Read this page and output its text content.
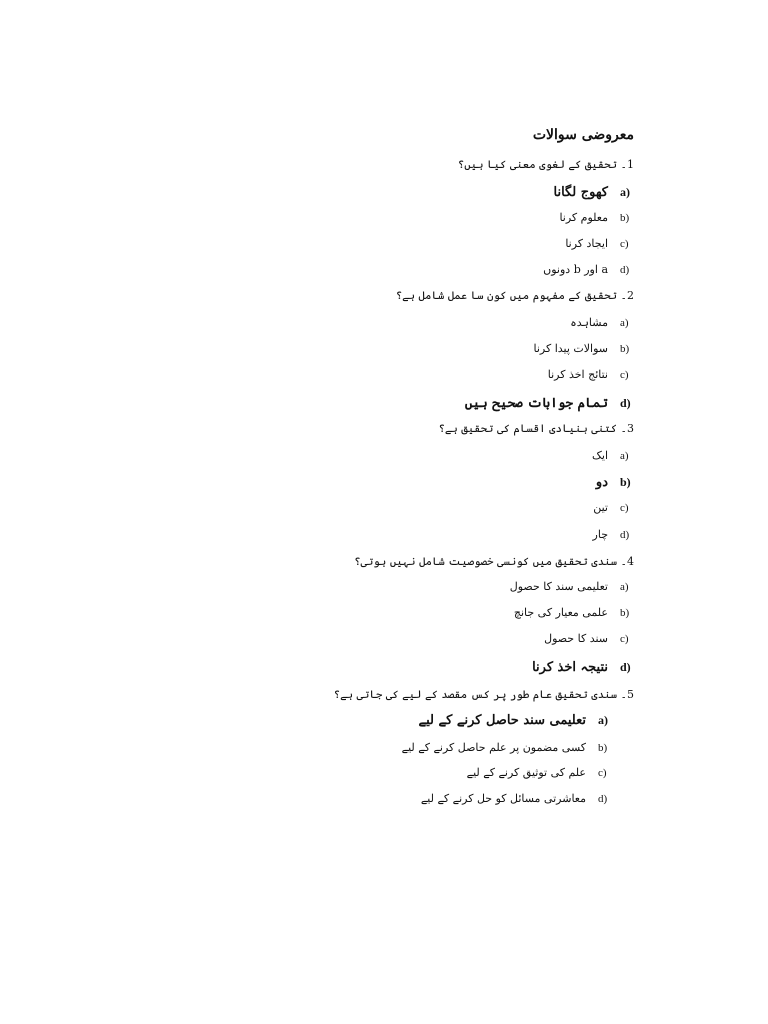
معروضی سوالات
1۔ تحقیق کے لغوی معنی کیا ہیں؟
a)کھوج لگانا
b)معلوم کرنا
c)ایجاد کرنا
d)a اور b دونوں
2۔ تحقیق کے مفہوم میں کون سا عمل شامل ہے؟
a)مشاہدہ
b)سوالات پیدا کرنا
c)نتائج اخذ کرنا
d)تمام جوابات صحیح ہیں
3۔ کتنی بنیادی اقسام کی تحقیق ہے؟
a)ایک
b)دو
c)تین
d)چار
4۔ سندی تحقیق میں کونسی خصوصیت شامل نہیں ہوتی؟
a)تعلیمی سند کا حصول
b)علمی معیار کی جانچ
c)سند کا حصول
d)نتیجہ اخذ کرنا
5۔ سندی تحقیق عام طور پر کس مقصد کے لیے کی جاتی ہے؟
a)تعلیمی سند حاصل کرنے کے لیے
b)کسی مضمون پر علم حاصل کرنے کے لیے
c)علم کی توثیق کرنے کے لیے
d)معاشرتی مسائل کو حل کرنے کے لیے
